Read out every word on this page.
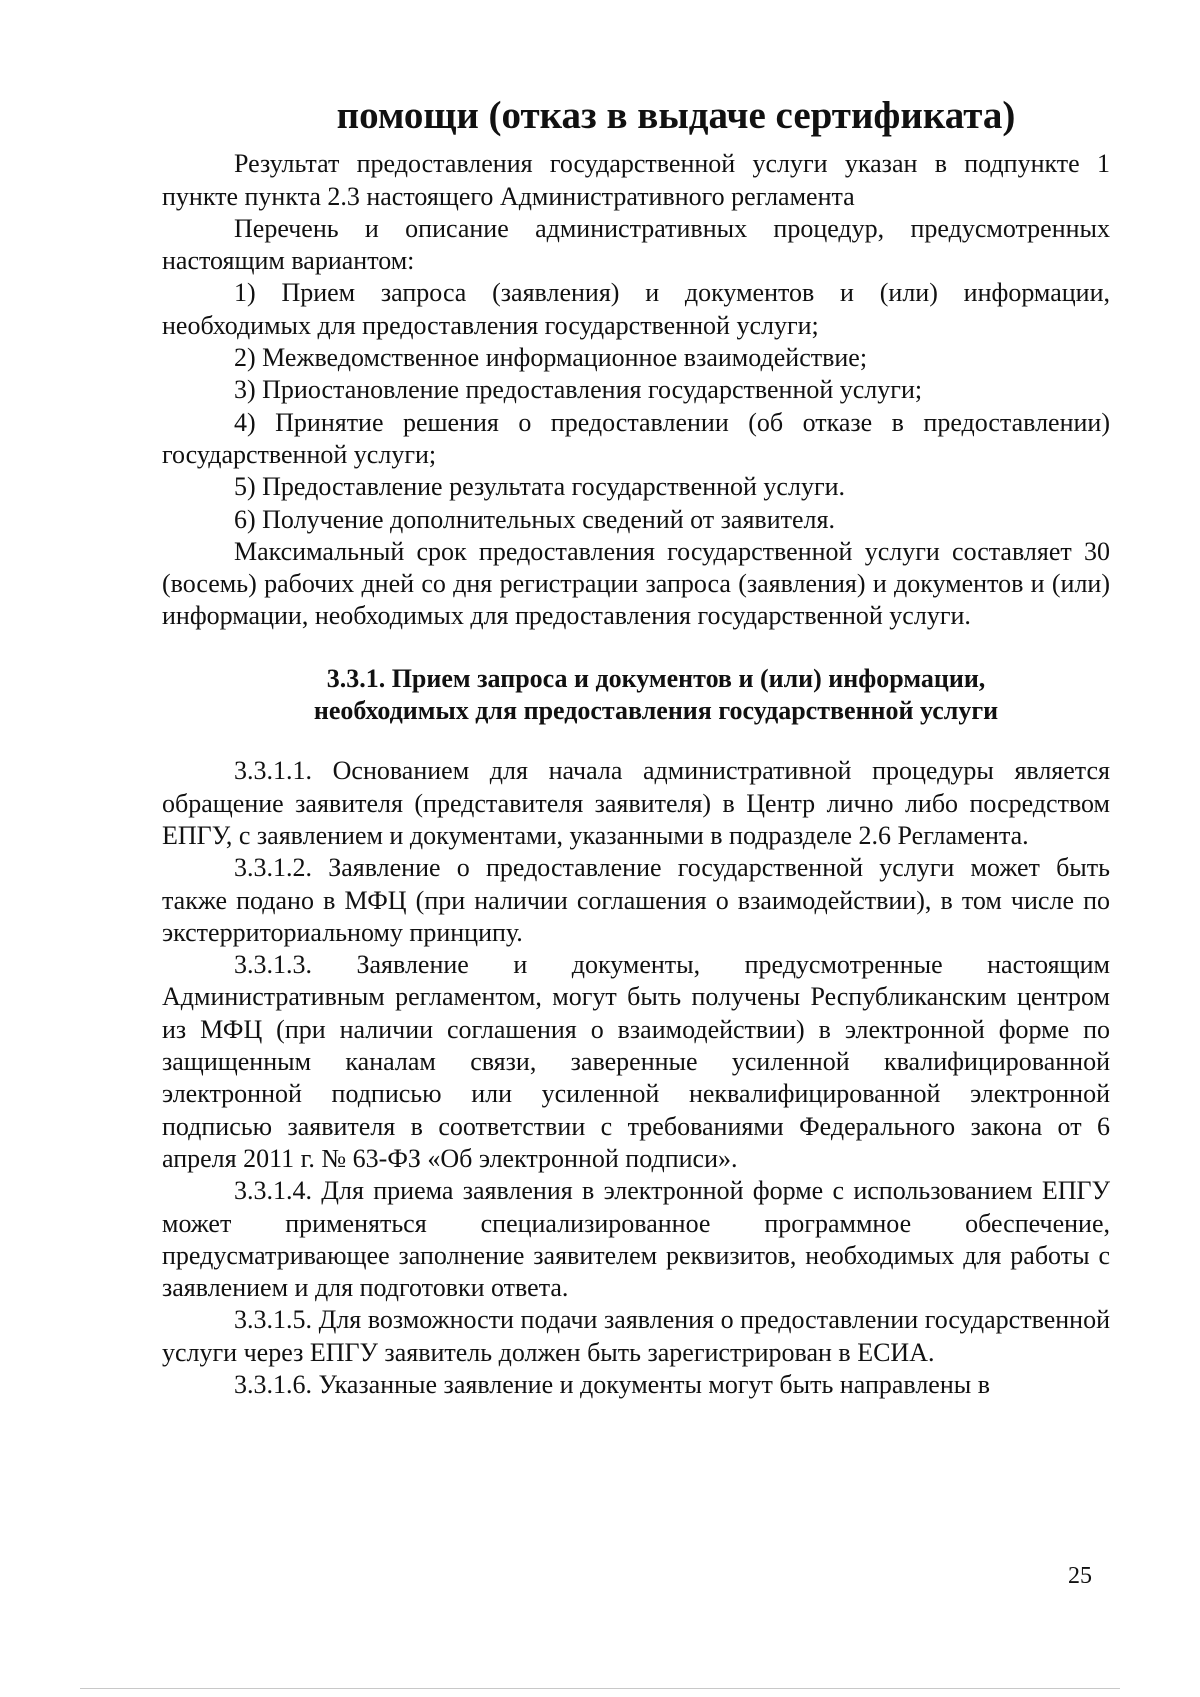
помощи (отказ в выдаче сертификата)

Результат предоставления государственной услуги указан в подпункте 1 пункте пункта 2.3 настоящего Административного регламента

Перечень и описание административных процедур, предусмотренных настоящим вариантом:

1) Прием запроса (заявления) и документов и (или) информации, необходимых для предоставления государственной услуги;

2) Межведомственное информационное взаимодействие;

3) Приостановление предоставления государственной услуги;

4) Принятие решения о предоставлении (об отказе в предоставлении) государственной услуги;

5) Предоставление результата государственной услуги.

6) Получение дополнительных сведений от заявителя.

Максимальный срок предоставления государственной услуги составляет 30 (восемь) рабочих дней со дня регистрации запроса (заявления) и документов и (или) информации, необходимых для предоставления государственной услуги.

3.3.1. Прием запроса и документов и (или) информации,
необходимых для предоставления государственной услуги

3.3.1.1. Основанием для начала административной процедуры является обращение заявителя (представителя заявителя) в Центр лично либо посредством ЕПГУ, с заявлением и документами, указанными в подразделе 2.6 Регламента.

3.3.1.2. Заявление о предоставление государственной услуги может быть также подано в МФЦ (при наличии соглашения о взаимодействии), в том числе по экстерриториальному принципу.

3.3.1.3. Заявление и документы, предусмотренные настоящим Административным регламентом, могут быть получены Республиканским центром из МФЦ (при наличии соглашения о взаимодействии) в электронной форме по защищенным каналам связи, заверенные усиленной квалифицированной электронной подписью или усиленной неквалифицированной электронной подписью заявителя в соответствии с требованиями Федерального закона от 6 апреля 2011 г. № 63-ФЗ «Об электронной подписи».

3.3.1.4. Для приема заявления в электронной форме с использованием ЕПГУ может применяться специализированное программное обеспечение, предусматривающее заполнение заявителем реквизитов, необходимых для работы с заявлением и для подготовки ответа.

3.3.1.5. Для возможности подачи заявления о предоставлении государственной услуги через ЕПГУ заявитель должен быть зарегистрирован в ЕСИА.

3.3.1.6. Указанные заявление и документы могут быть направлены в

25
